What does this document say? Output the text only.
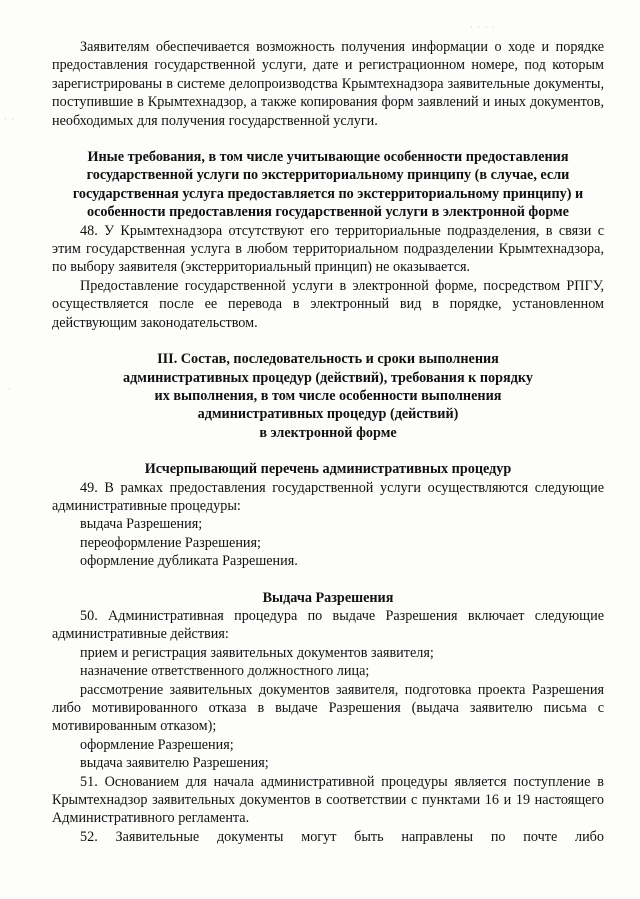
Заявителям обеспечивается возможность получения информации о ходе и порядке предоставления государственной услуги, дате и регистрационном номере, под которым зарегистрированы в системе делопроизводства Крымтехнадзора заявительные документы, поступившие в Крымтехнадзор, а также копирования форм заявлений и иных документов, необходимых для получения государственной услуги.

Иные требования, в том числе учитывающие особенности предоставления государственной услуги по экстерриториальному принципу (в случае, если государственная услуга предоставляется по экстерриториальному принципу) и особенности предоставления государственной услуги в электронной форме

48. У Крымтехнадзора отсутствуют его территориальные подразделения, в связи с этим государственная услуга в любом территориальном подразделении Крымтехнадзора, по выбору заявителя (экстерриториальный принцип) не оказывается.

Предоставление государственной услуги в электронной форме, посредством РПГУ, осуществляется после ее перевода в электронный вид в порядке, установленном действующим законодательством.

III. Состав, последовательность и сроки выполнения

административных процедур (действий), требования к порядку

их выполнения, в том числе особенности выполнения

административных процедур (действий)

в электронной форме

Исчерпывающий перечень административных процедур

49. В рамках предоставления государственной услуги осуществляются следующие административные процедуры:

выдача Разрешения;

переоформление Разрешения;

оформление дубликата Разрешения.

Выдача Разрешения

50. Административная процедура по выдаче Разрешения включает следующие административные действия:

прием и регистрация заявительных документов заявителя;

назначение ответственного должностного лица;

рассмотрение заявительных документов заявителя, подготовка проекта Разрешения либо мотивированного отказа в выдаче Разрешения (выдача заявителю письма с мотивированным отказом);

оформление Разрешения;

выдача заявителю Разрешения;

51. Основанием для начала административной процедуры является поступление в Крымтехнадзор заявительных документов в соответствии с пунктами 16 и 19 настоящего Административного регламента.

52. Заявительные документы могут быть направлены по почте либо

· · · ·
· ·
·
